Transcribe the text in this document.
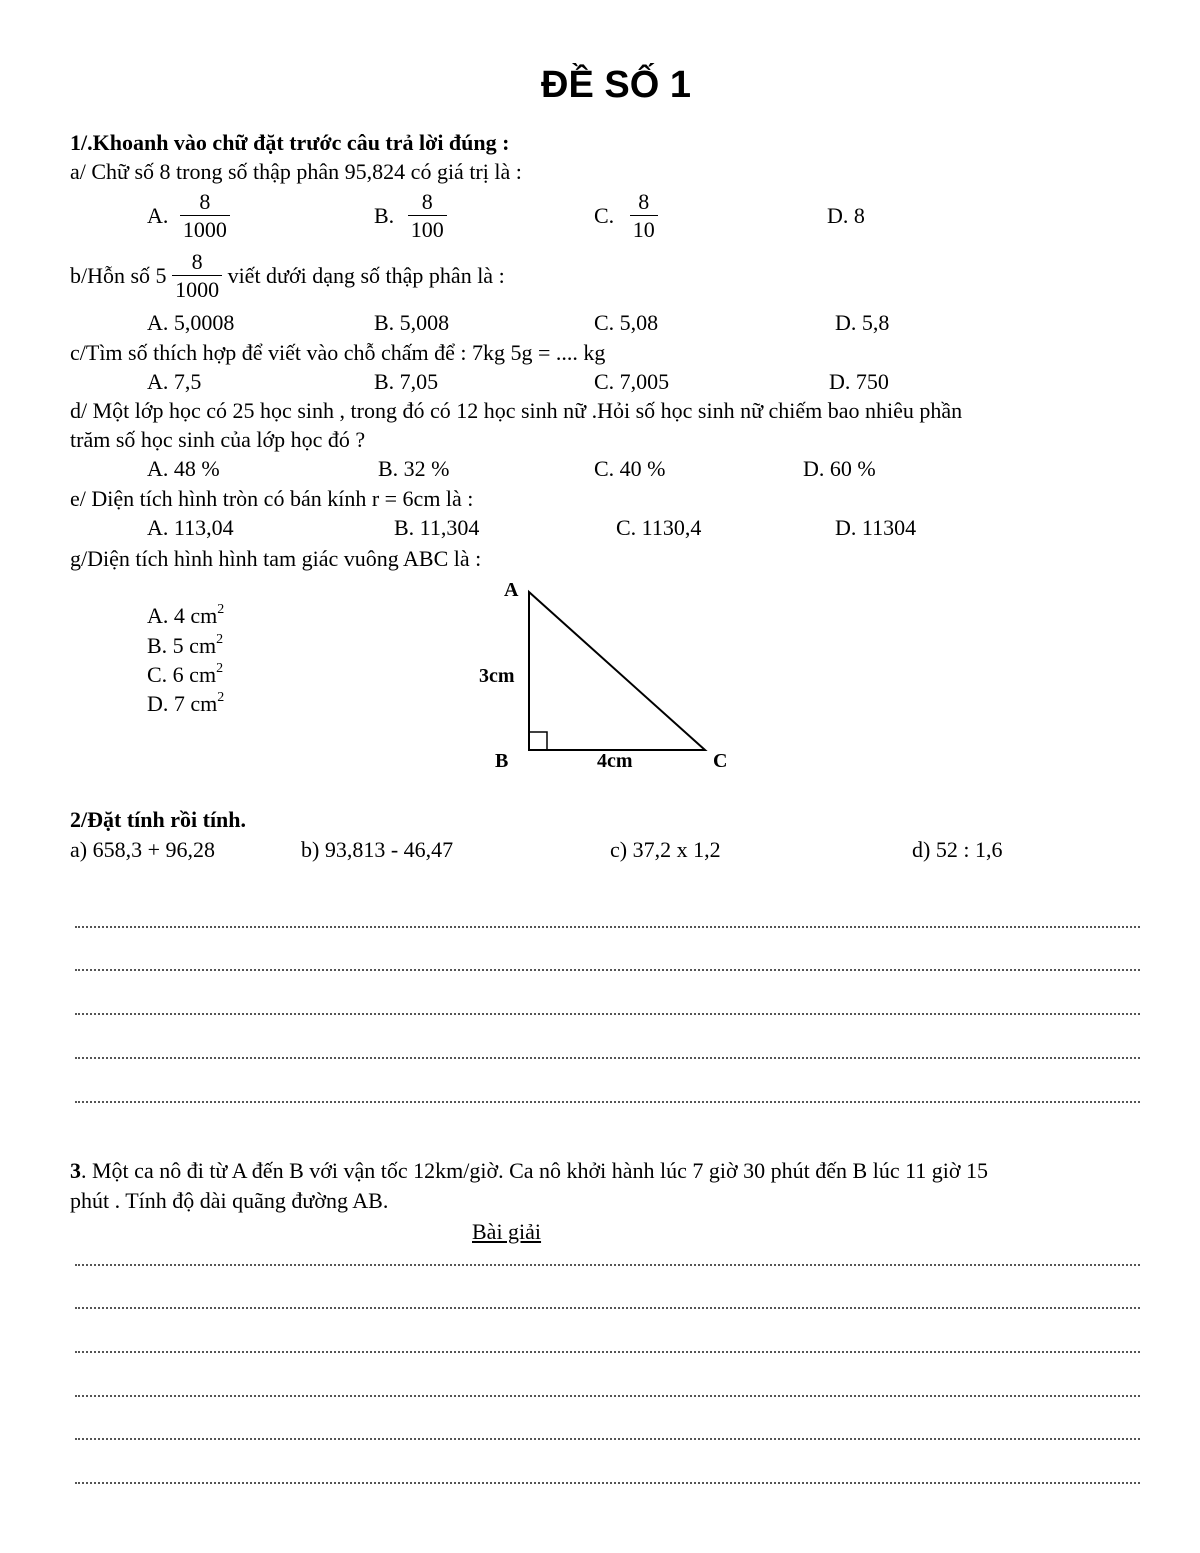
ĐỀ SỐ 1
1/.Khoanh vào chữ đặt trước câu trả lời đúng :
a/ Chữ số 8 trong số thập phân 95,824 có giá trị là :
A. $\frac{8}{1000}$	B. $\frac{8}{100}$	C. $\frac{8}{10}$	D. 8
b/Hỗn số $5 \frac{8}{1000}$ viết dưới dạng số thập phân là :
A. 5,0008	B. 5,008	C. 5,08	D. 5,8
c/Tìm số thích hợp để viết vào chỗ chấm để : 7kg 5g = .... kg
A. 7,5	B. 7,05	C. 7,005	D. 750
d/ Một lớp học có 25 học sinh , trong đó có 12 học sinh nữ .Hỏi số học sinh nữ chiếm bao nhiêu phần
trăm số học sinh của lớp học đó ?
A. 48 %	B. 32 %	C. 40 %	D. 60 %
e/ Diện tích hình tròn có bán kính r = 6cm là :
A. 113,04	B. 11,304	C. 1130,4	D. 11304
g/Diện tích hình hình tam giác vuông ABC là :
A. 4 $cm^2$
B. 5 $cm^2$
C. 6 $cm^2$
D. 7 $cm^2$
A
B	C
3cm
4cm
2/Đặt tính rồi tính.
a) 658,3 + 96,28	b) 93,813 - 46,47	c) 37,2 x 1,2	d) 52 : 1,6
3. Một ca nô đi từ A đến B với vận tốc 12km/giờ. Ca nô khởi hành lúc 7 giờ 30 phút đến B lúc 11 giờ 15
phút . Tính độ dài quãng đường AB.
Bài giải
